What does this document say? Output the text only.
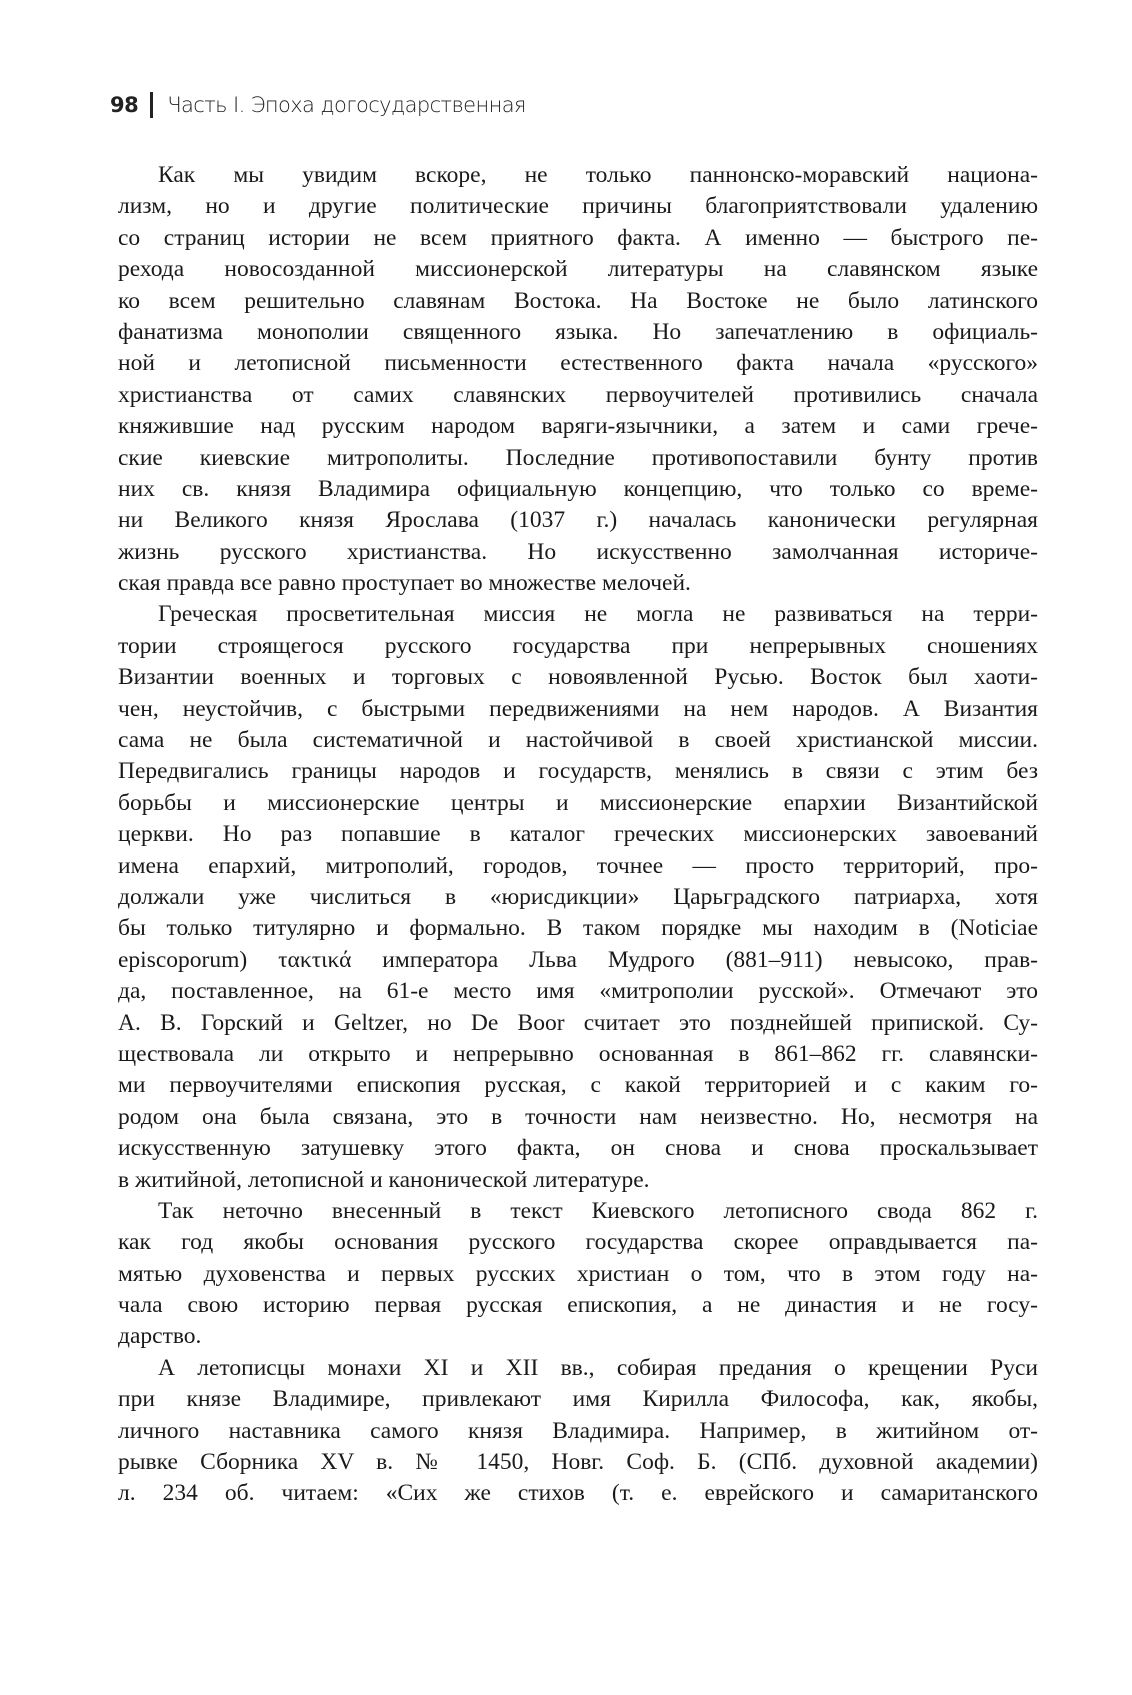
98 Часть I. Эпоха догосударственная
Как мы увидим вскоре, не только паннонско-моравский национа-
лизм, но и другие политические причины благоприятствовали удалению
со страниц истории не всем приятного факта. А именно — быстрого пе-
рехода новосозданной миссионерской литературы на славянском языке
ко всем решительно славянам Востока. На Востоке не было латинского
фанатизма монополии священного языка. Но запечатлению в официаль-
ной и летописной письменности естественного факта начала «русского»
христианства от самих славянских первоучителей противились сначала
княжившие над русским народом варяги-язычники, а затем и сами грече-
ские киевские митрополиты. Последние противопоставили бунту против
них св. князя Владимира официальную концепцию, что только со време-
ни Великого князя Ярослава (1037 г.) началась канонически регулярная
жизнь русского христианства. Но искусственно замолчанная историче-
ская правда все равно проступает во множестве мелочей.
Греческая просветительная миссия не могла не развиваться на терри-
тории строящегося русского государства при непрерывных сношениях
Византии военных и торговых с новоявленной Русью. Восток был хаоти-
чен, неустойчив, с быстрыми передвижениями на нем народов. А Византия
сама не была систематичной и настойчивой в своей христианской миссии.
Передвигались границы народов и государств, менялись в связи с этим без
борьбы и миссионерские центры и миссионерские епархии Византийской
церкви. Но раз попавшие в каталог греческих миссионерских завоеваний
имена епархий, митрополий, городов, точнее — просто территорий, про-
должали уже числиться в «юрисдикции» Царьградского патриарха, хотя
бы только титулярно и формально. В таком порядке мы находим в (Noticiae
episcoporum) τακτικά императора Льва Мудрого (881–911) невысоко, прав-
да, поставленное, на 61-е место имя «митрополии русской». Отмечают это
А. В. Горский и Geltzer, но De Boor считает это позднейшей припиской. Су-
ществовала ли открыто и непрерывно основанная в 861–862 гг. славянски-
ми первоучителями епископия русская, с какой территорией и с каким го-
родом она была связана, это в точности нам неизвестно. Но, несмотря на
искусственную затушевку этого факта, он снова и снова проскальзывает
в житийной, летописной и канонической литературе.
Так неточно внесенный в текст Киевского летописного свода 862 г.
как год якобы основания русского государства скорее оправдывается па-
мятью духовенства и первых русских христиан о том, что в этом году на-
чала свою историю первая русская епископия, а не династия и не госу-
дарство.
А летописцы монахи XI и XII вв., собирая предания о крещении Руси
при князе Владимире, привлекают имя Кирилла Философа, как, якобы,
личного наставника самого князя Владимира. Например, в житийном от-
рывке Сборника XV в. № 1450, Новг. Соф. Б. (СПб. духовной академии)
л. 234 об. читаем: «Сих же стихов (т. е. еврейского и самаританского
